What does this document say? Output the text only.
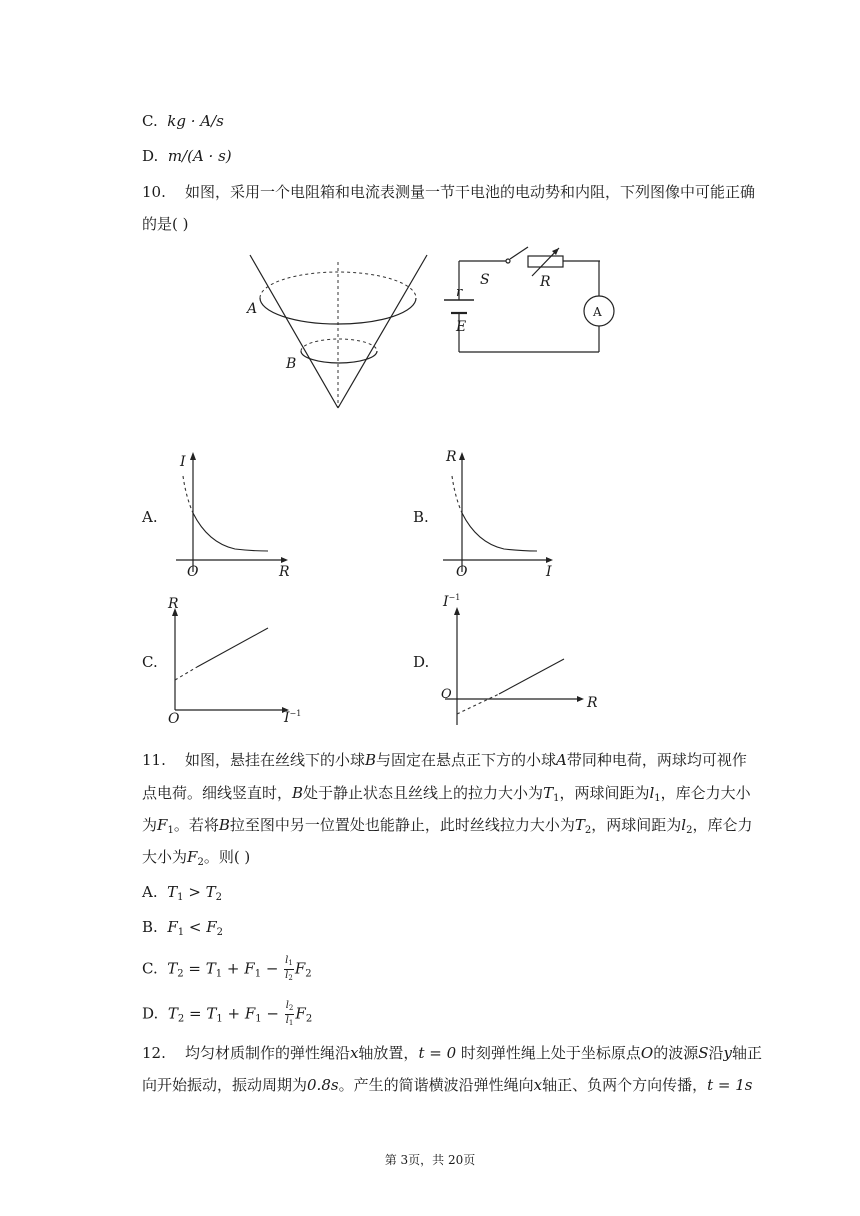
C. kg · A/s
D. m/(A · s)
10. 如图，采用一个电阻箱和电流表测量一节干电池的电动势和内阻，下列图像中可能正确
的是( )
A
B
S	R
r
E
A
I
R
O
R
I
O
R
$I^{-1}$
O
$I^{-1}$
R
O
A.	B.
C.	D.
11. 如图，悬挂在丝线下的小球B与固定在悬点正下方的小球A带同种电荷，两球均可视作
点电荷。细线竖直时，B处于静止状态且丝线上的拉力大小为$T_1$，两球间距为$l_1$，库仑力大小
为$F_1$。若将B拉至图中另一位置处也能静止，此时丝线拉力大小为$T_2$，两球间距为$l_2$，库仑力
大小为$F_2$。则( )
A. $T_1 > T_2$
B. $F_1 < F_2$
C. $T_2 = T_1 + F_1 - \frac{l_1}{l_2} F_2$
D. $T_2 = T_1 + F_1 - \frac{l_2}{l_1} F_2$
12. 均匀材质制作的弹性绳沿x轴放置，t = 0 时刻弹性绳上处于坐标原点O的波源S沿y轴正
向开始振动，振动周期为0.8s。产生的简谐横波沿弹性绳向x轴正、负两个方向传播，t = 1s
第 3页，共 20页
